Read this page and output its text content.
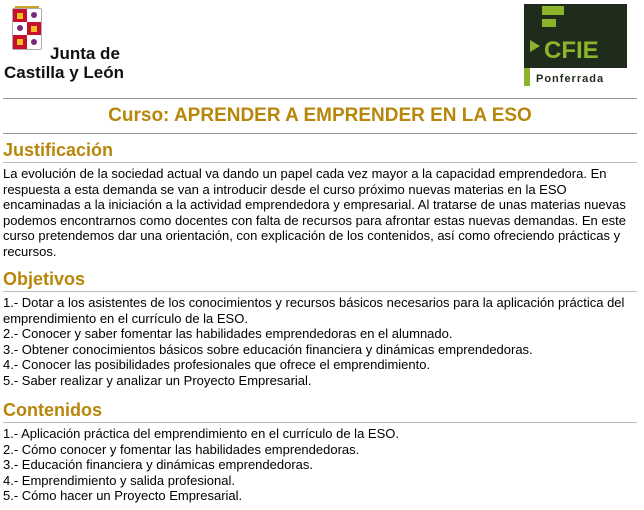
Junta de
Castilla y León
CFIE
Ponferrada
Curso: APRENDER A EMPRENDER EN LA ESO
Justificación

La evolución de la sociedad actual va dando un papel cada vez mayor a la capacidad emprendedora. En respuesta a esta demanda se van a introducir desde el curso próximo nuevas materias en la ESO encaminadas a la iniciación a la actividad emprendedora y empresarial. Al tratarse de unas materias nuevas podemos encontrarnos como docentes con falta de recursos para afrontar estas nuevas demandas. En este curso pretendemos dar una orientación, con explicación de los contenidos, así como ofreciendo prácticas y recursos.

Objetivos
1.- Dotar a los asistentes de los conocimientos y recursos básicos necesarios para la aplicación práctica del emprendimiento en el currículo de la ESO.
2.- Conocer y saber fomentar las habilidades emprendedoras en el alumnado.
3.- Obtener conocimientos básicos sobre educación financiera y dinámicas emprendedoras.
4.- Conocer las posibilidades profesionales que ofrece el emprendimiento.
5.- Saber realizar y analizar un Proyecto Empresarial.
Contenidos
1.- Aplicación práctica del emprendimiento en el currículo de la ESO.
2.- Cómo conocer y fomentar las habilidades emprendedoras.
3.- Educación financiera y dinámicas emprendedoras.
4.- Emprendimiento y salida profesional.
5.- Cómo hacer un Proyecto Empresarial.
